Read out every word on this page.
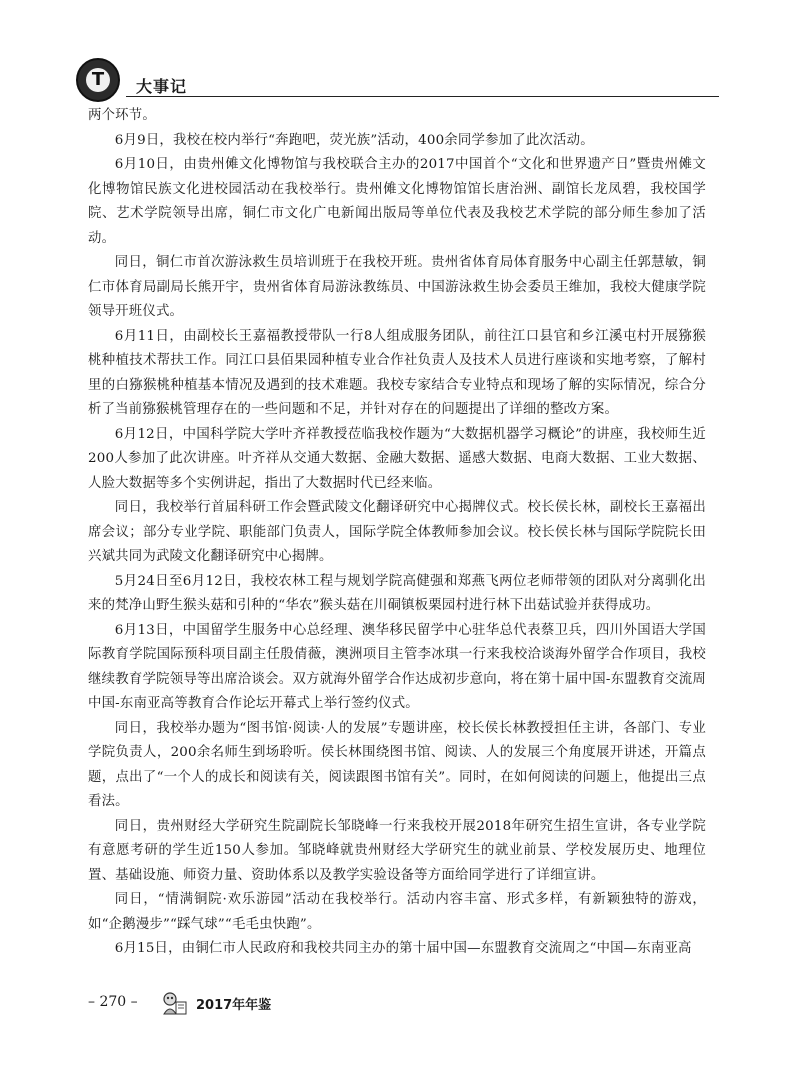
T	大事记

两个环节。

6月9日，我校在校内举行“奔跑吧，荧光族”活动，400余同学参加了此次活动。

6月10日，由贵州傩文化博物馆与我校联合主办的2017中国首个“文化和世界遗产日”暨贵州傩文化博物馆民族文化进校园活动在我校举行。贵州傩文化博物馆馆长唐治洲、副馆长龙凤碧，我校国学院、艺术学院领导出席，铜仁市文化广电新闻出版局等单位代表及我校艺术学院的部分师生参加了活动。

同日，铜仁市首次游泳救生员培训班于在我校开班。贵州省体育局体育服务中心副主任郭慧敏，铜仁市体育局副局长熊开宇，贵州省体育局游泳教练员、中国游泳救生协会委员王维加，我校大健康学院领导开班仪式。

6月11日，由副校长王嘉福教授带队一行8人组成服务团队，前往江口县官和乡江溪屯村开展猕猴桃种植技术帮扶工作。同江口县佰果园种植专业合作社负责人及技术人员进行座谈和实地考察，了解村里的白猕猴桃种植基本情况及遇到的技术难题。我校专家结合专业特点和现场了解的实际情况，综合分析了当前猕猴桃管理存在的一些问题和不足，并针对存在的问题提出了详细的整改方案。

6月12日，中国科学院大学叶齐祥教授莅临我校作题为“大数据机器学习概论”的讲座，我校师生近200人参加了此次讲座。叶齐祥从交通大数据、金融大数据、遥感大数据、电商大数据、工业大数据、人脸大数据等多个实例讲起，指出了大数据时代已经来临。

同日，我校举行首届科研工作会暨武陵文化翻译研究中心揭牌仪式。校长侯长林，副校长王嘉福出席会议；部分专业学院、职能部门负责人，国际学院全体教师参加会议。校长侯长林与国际学院院长田兴斌共同为武陵文化翻译研究中心揭牌。

5月24日至6月12日，我校农林工程与规划学院高健强和郑燕飞两位老师带领的团队对分离驯化出来的梵净山野生猴头菇和引种的“华农”猴头菇在川硐镇板栗园村进行林下出菇试验并获得成功。

6月13日，中国留学生服务中心总经理、澳华移民留学中心驻华总代表蔡卫兵，四川外国语大学国际教育学院国际预科项目副主任殷倩薇，澳洲项目主管李冰琪一行来我校洽谈海外留学合作项目，我校继续教育学院领导等出席洽谈会。双方就海外留学合作达成初步意向，将在第十届中国-东盟教育交流周中国-东南亚高等教育合作论坛开幕式上举行签约仪式。

同日，我校举办题为“图书馆·阅读·人的发展”专题讲座，校长侯长林教授担任主讲，各部门、专业学院负责人，200余名师生到场聆听。侯长林围绕图书馆、阅读、人的发展三个角度展开讲述，开篇点题，点出了“一个人的成长和阅读有关，阅读跟图书馆有关”。同时，在如何阅读的问题上，他提出三点看法。

同日，贵州财经大学研究生院副院长邹晓峰一行来我校开展2018年研究生招生宣讲，各专业学院有意愿考研的学生近150人参加。邹晓峰就贵州财经大学研究生的就业前景、学校发展历史、地理位置、基础设施、师资力量、资助体系以及教学实验设备等方面给同学进行了详细宣讲。

同日，“情满铜院·欢乐游园”活动在我校举行。活动内容丰富、形式多样，有新颖独特的游戏，如“企鹅漫步”“踩气球”“毛毛虫快跑”。

6月15日，由铜仁市人民政府和我校共同主办的第十届中国—东盟教育交流周之“中国—东南亚高

– 270 –	2017年年鉴
